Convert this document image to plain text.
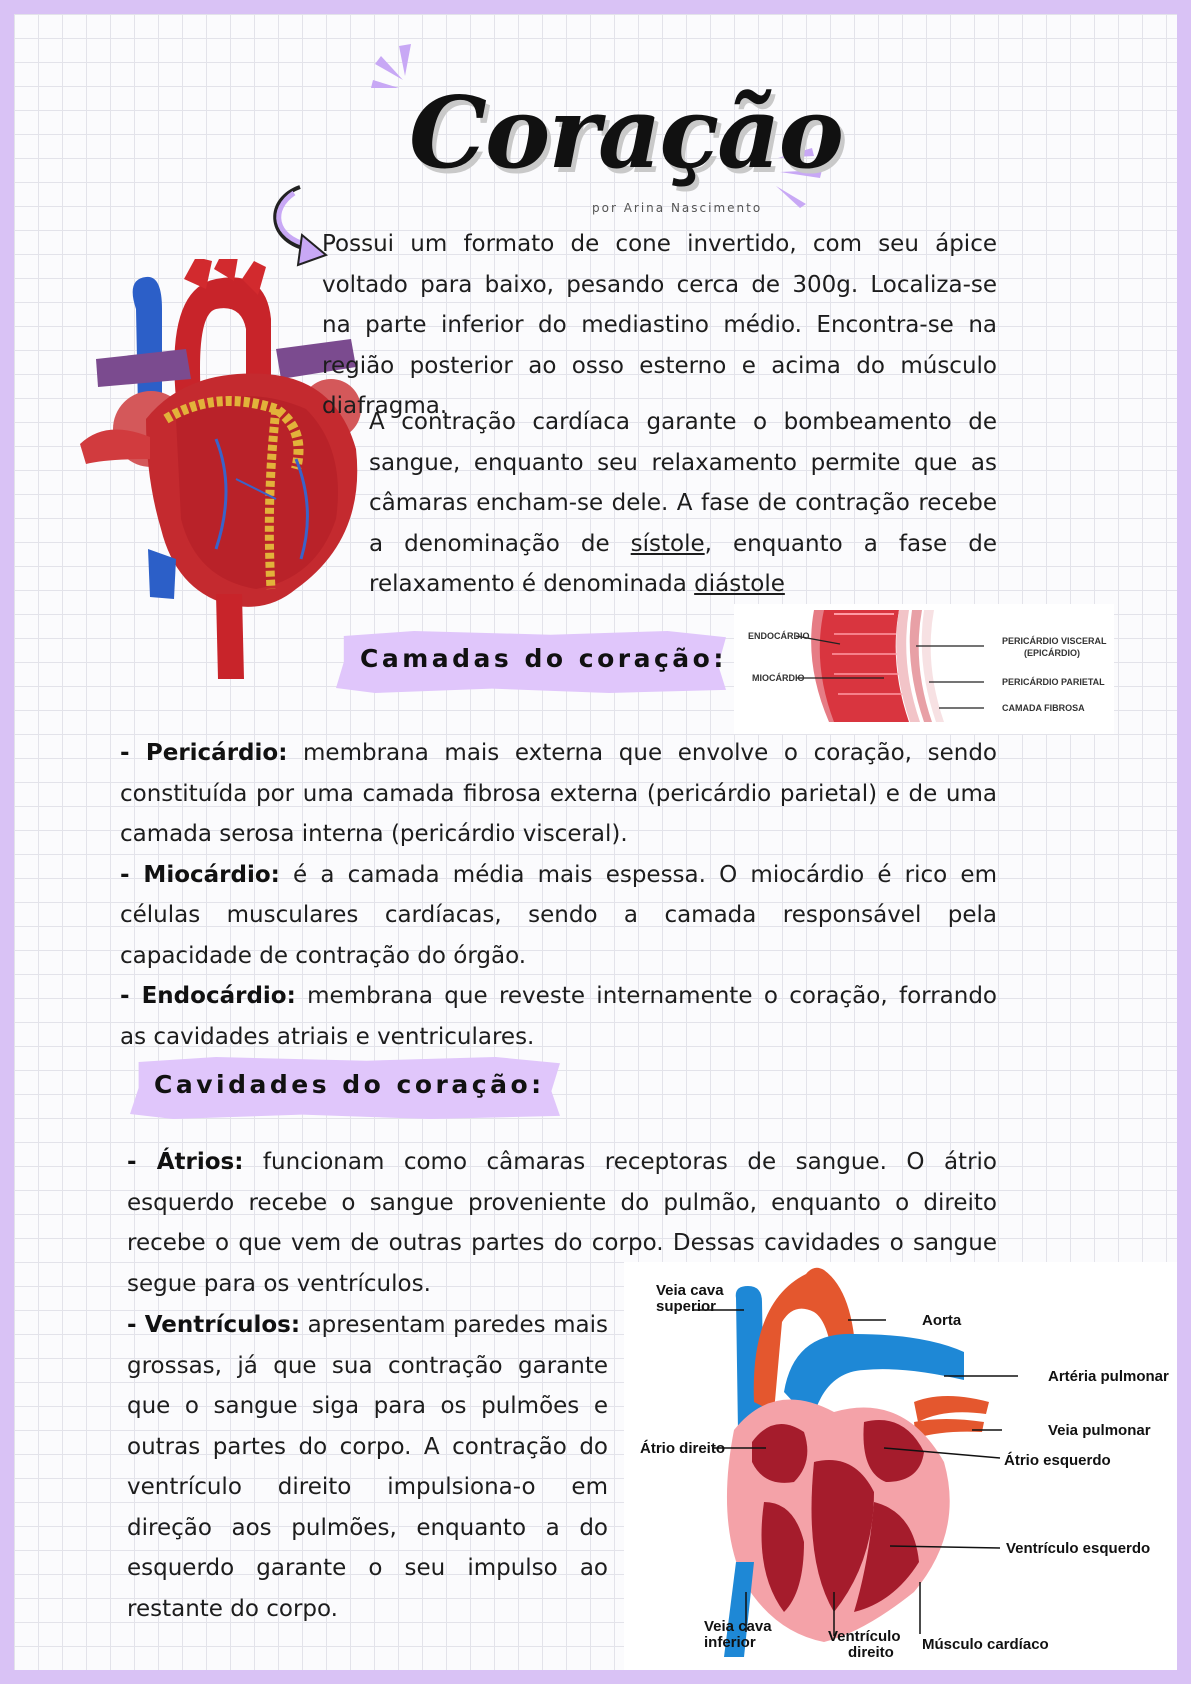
Coração
por Arina Nascimento
Possui um formato de cone invertido, com seu ápice voltado para baixo, pesando cerca de 300g. Localiza-se na parte inferior do mediastino médio. Encontra-se na região posterior ao osso esterno e acima do músculo diafragma.
A contração cardíaca garante o bombeamento de sangue, enquanto seu relaxamento permite que as câmaras encham-se dele. A fase de contração recebe a denominação de sístole, enquanto a fase de relaxamento é denominada diástole
Camadas do coração:
ENDOCÁRDIO
MIOCÁRDIO
PERICÁRDIO VISCERAL
(EPICÁRDIO)
PERICÁRDIO PARIETAL
CAMADA FIBROSA
- Pericárdio: membrana mais externa que envolve o coração, sendo constituída por uma camada fibrosa externa (pericárdio parietal) e de uma camada serosa interna (pericárdio visceral).
- Miocárdio: é a camada média mais espessa. O miocárdio é rico em células musculares cardíacas, sendo a camada responsável pela capacidade de contração do órgão.
- Endocárdio: membrana que reveste internamente o coração, forrando as cavidades atriais e ventriculares.
Cavidades do coração:
- Átrios: funcionam como câmaras receptoras de sangue. O átrio esquerdo recebe o sangue proveniente do pulmão, enquanto o direito recebe o que vem de outras partes do corpo. Dessas cavidades o sangue segue para os ventrículos.
- Ventrículos: apresentam paredes mais grossas, já que sua contração garante que o sangue siga para os pulmões e outras partes do corpo. A contração do ventrículo direito impulsiona-o em direção aos pulmões, enquanto a do esquerdo garante o seu impulso ao restante do corpo.
Veia cava
superior
Aorta
Artéria pulmonar
Veia pulmonar
Átrio direito
Átrio esquerdo
Ventrículo esquerdo
Veia cava
inferior	Ventrículo
direito Músculo cardíaco
